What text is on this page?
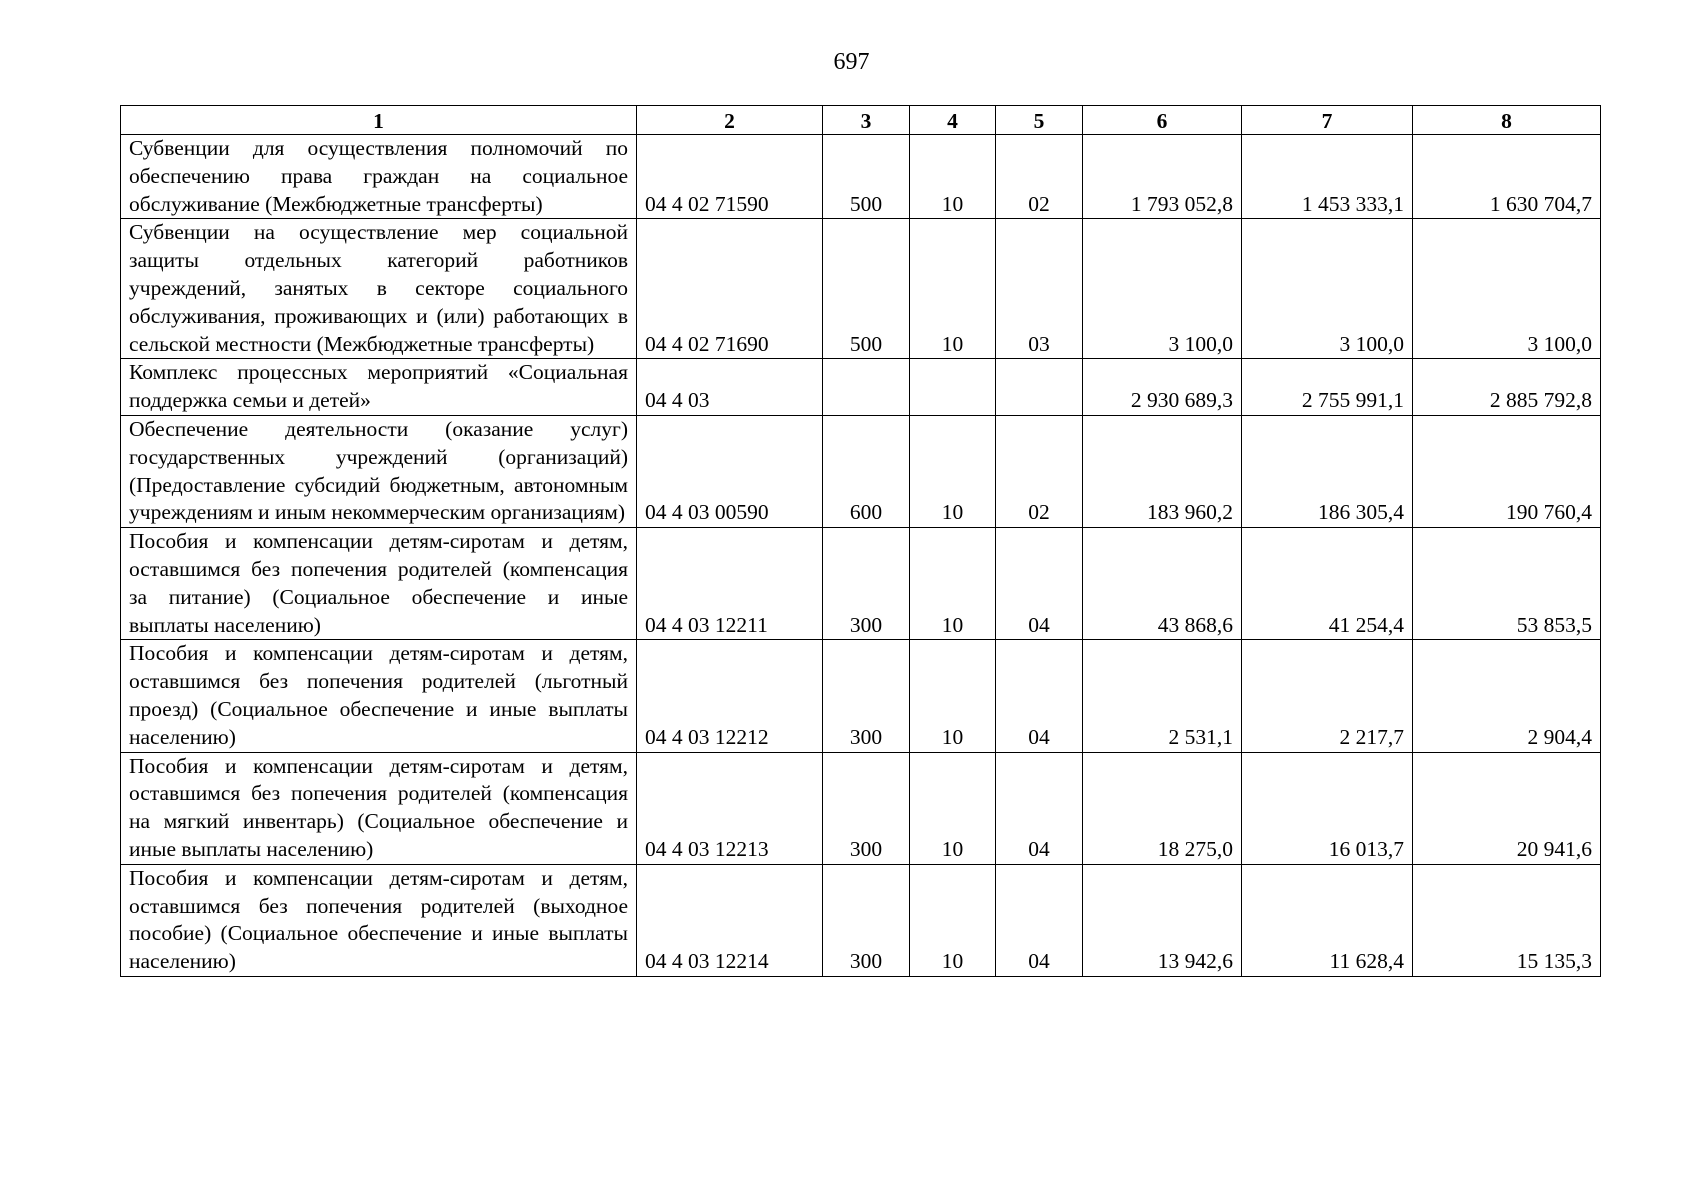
697
1	2	3	4	5	6	7	8
Субвенции для осуществления полномочий по обеспечению права граждан на социальное обслуживание (Межбюджетные трансферты)	04 4 02 71590	500	10	02	1 793 052,8	1 453 333,1	1 630 704,7
Субвенции на осуществление мер социальной защиты отдельных категорий работников учреждений, занятых в секторе социального обслуживания, проживающих и (или) работающих в сельской местности (Межбюджетные трансферты)	04 4 02 71690	500	10	03	3 100,0	3 100,0	3 100,0
Комплекс процессных мероприятий «Социальная поддержка семьи и детей»	04 4 03				2 930 689,3	2 755 991,1	2 885 792,8
Обеспечение деятельности (оказание услуг) государственных учреждений (организаций) (Предоставление субсидий бюджетным, автономным учреждениям и иным некоммерческим организациям)	04 4 03 00590	600	10	02	183 960,2	186 305,4	190 760,4
Пособия и компенсации детям-сиротам и детям, оставшимся без попечения родителей (компенсация за питание) (Социальное обеспечение и иные выплаты населению)	04 4 03 12211	300	10	04	43 868,6	41 254,4	53 853,5
Пособия и компенсации детям-сиротам и детям, оставшимся без попечения родителей (льготный проезд) (Социальное обеспечение и иные выплаты населению)	04 4 03 12212	300	10	04	2 531,1	2 217,7	2 904,4
Пособия и компенсации детям-сиротам и детям, оставшимся без попечения родителей (компенсация на мягкий инвентарь) (Социальное обеспечение и иные выплаты населению)	04 4 03 12213	300	10	04	18 275,0	16 013,7	20 941,6
Пособия и компенсации детям-сиротам и детям, оставшимся без попечения родителей (выходное пособие) (Социальное обеспечение и иные выплаты населению)	04 4 03 12214	300	10	04	13 942,6	11 628,4	15 135,3
